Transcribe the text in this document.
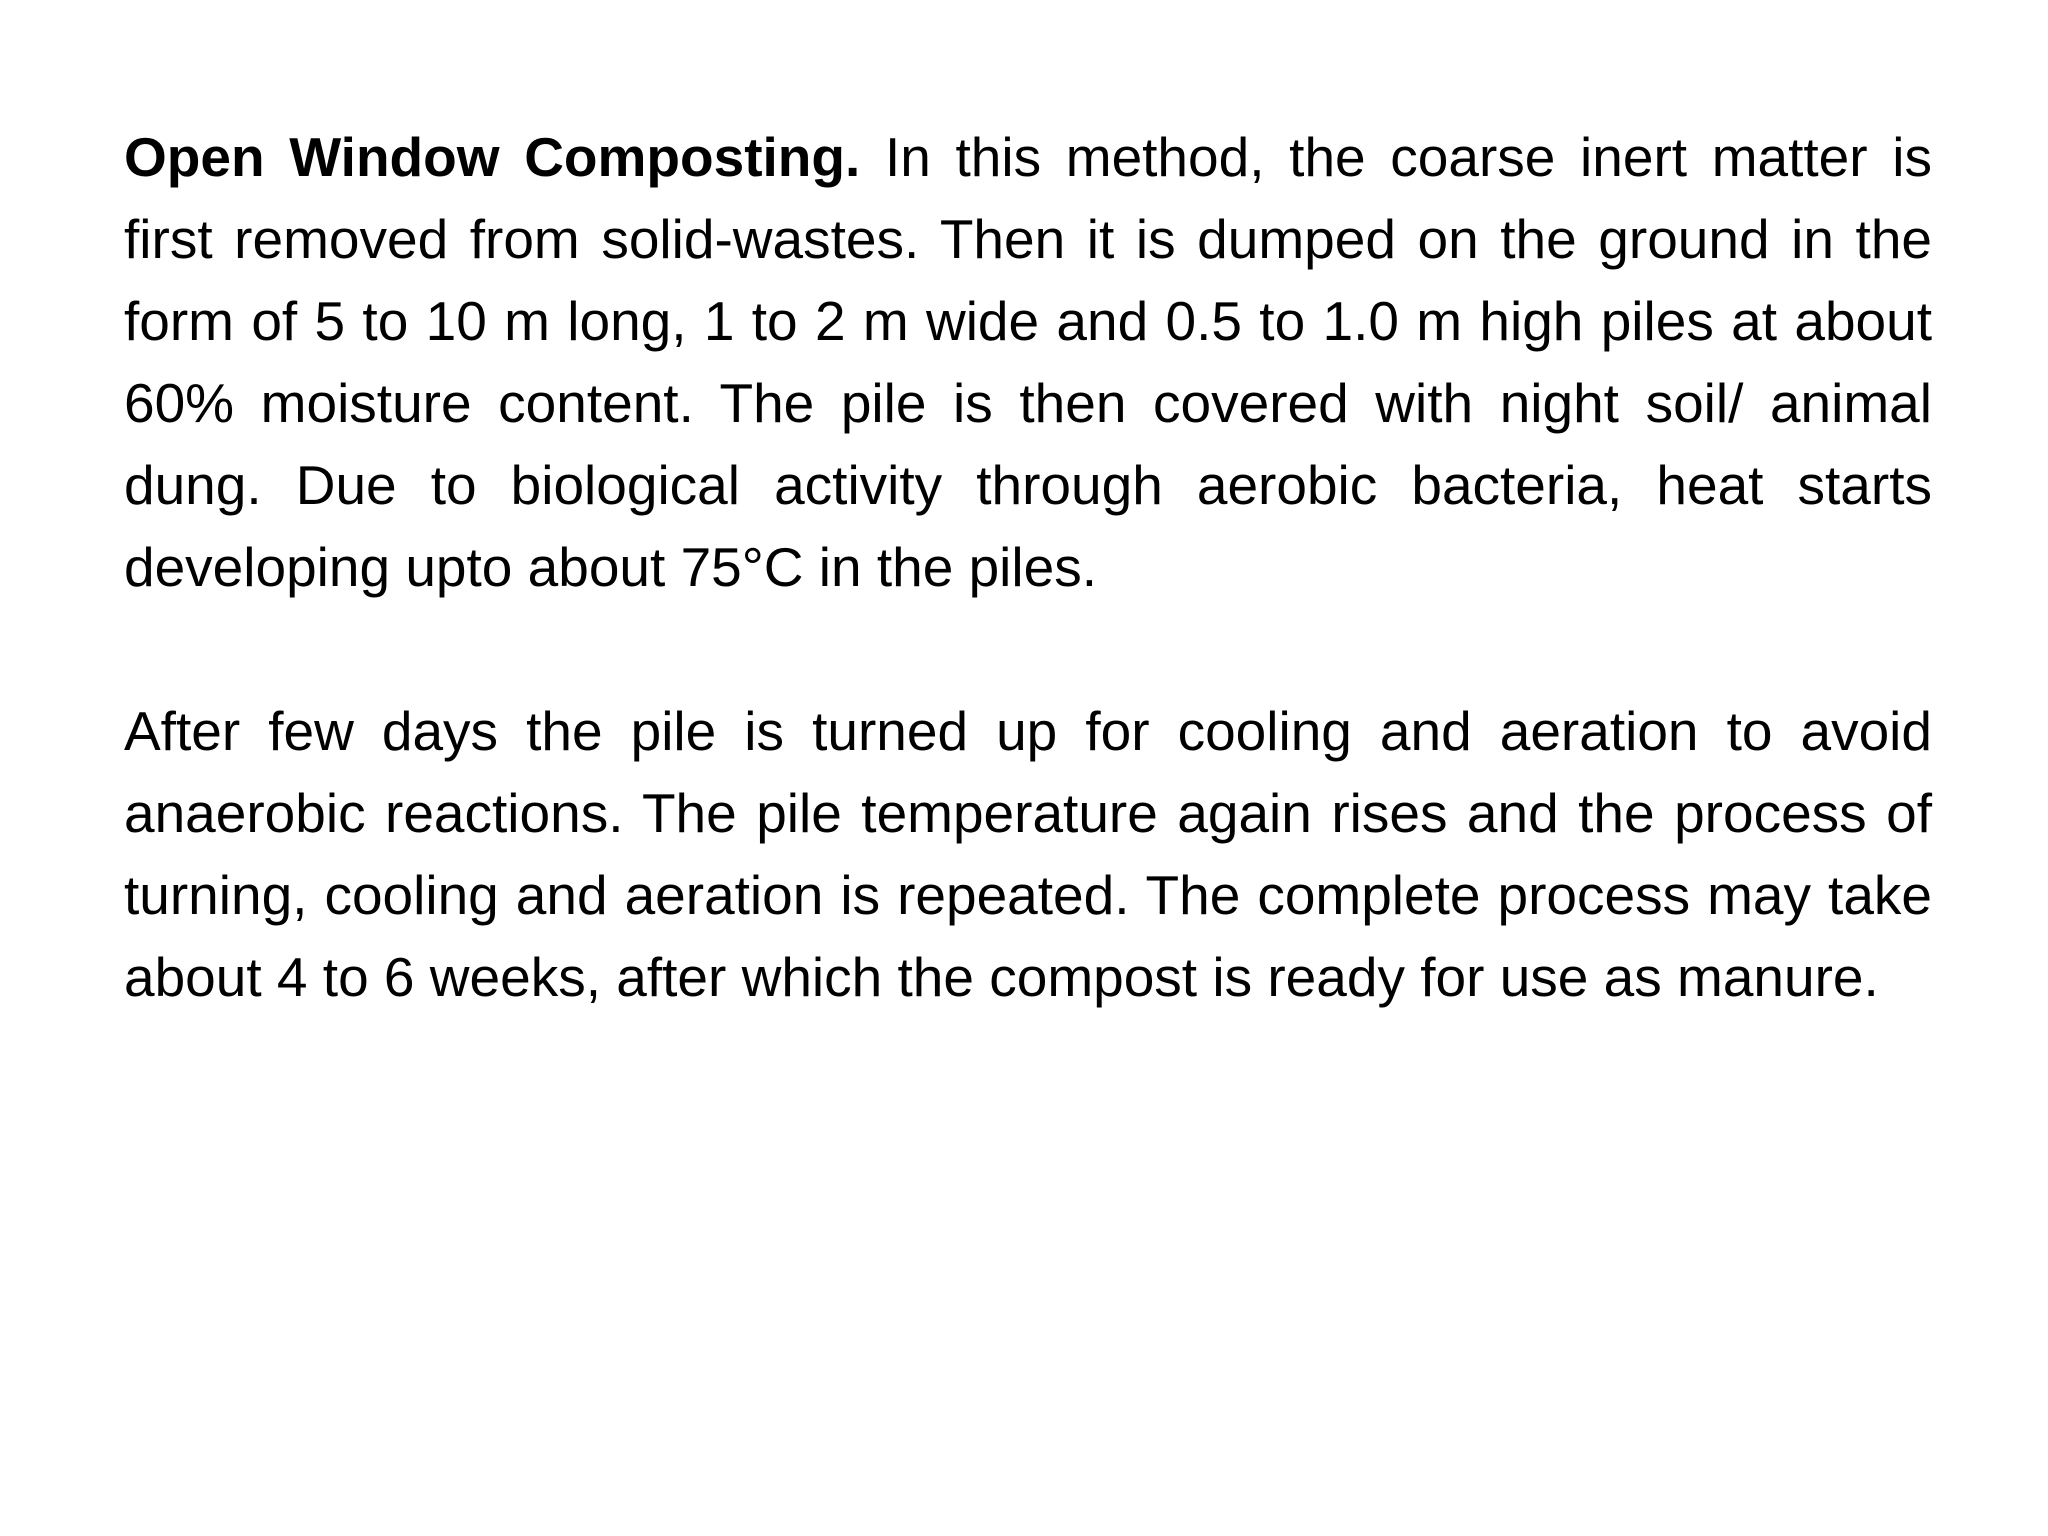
Open Window Composting. In this method, the coarse inert matter is first removed from solid-wastes. Then it is dumped on the ground in the form of 5 to 10 m long, 1 to 2 m wide and 0.5 to 1.0 m high piles at about 60% moisture content. The pile is then covered with night soil/ animal dung. Due to biological activity through aerobic bacteria, heat starts developing upto about 75°C in the piles.

After few days the pile is turned up for cooling and aeration to avoid anaerobic reactions. The pile temperature again rises and the process of turning, cooling and aeration is repeated. The complete process may take about 4 to 6 weeks, after which the compost is ready for use as manure.
